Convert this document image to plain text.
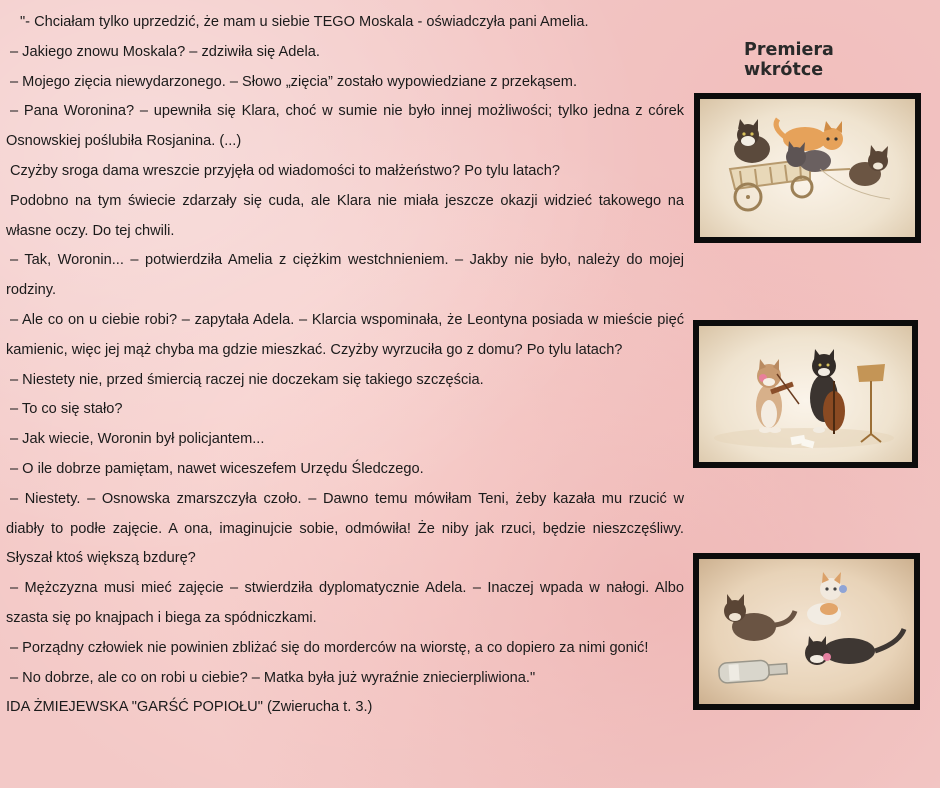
"- Chciałam tylko uprzedzić, że mam u siebie TEGO Moskala - oświadczyła pani Amelia.

– Jakiego znowu Moskala? – zdziwiła się Adela.

– Mojego zięcia niewydarzonego. – Słowo „zięcia” zostało wypowiedziane z przekąsem.

– Pana Woronina? – upewniła się Klara, choć w sumie nie było innej możliwości; tylko jedna z córek Osnowskiej poślubiła Rosjanina. (...)

Czyżby sroga dama wreszcie przyjęła od wiadomości to małżeństwo? Po tylu latach?

Podobno na tym świecie zdarzały się cuda, ale Klara nie miała jeszcze okazji widzieć takowego na własne oczy. Do tej chwili.

– Tak, Woronin... – potwierdziła Amelia z ciężkim westchnieniem. – Jakby nie było, należy do mojej rodziny.

– Ale co on u ciebie robi? – zapytała Adela. – Klarcia wspominała, że Leontyna posiada w mieście pięć kamienic, więc jej mąż chyba ma gdzie mieszkać. Czyżby wyrzuciła go z domu? Po tylu latach?

– Niestety nie, przed śmiercią raczej nie doczekam się takiego szczęścia.

– To co się stało?

– Jak wiecie, Woronin był policjantem...

– O ile dobrze pamiętam, nawet wiceszefem Urzędu Śledczego.

– Niestety. – Osnowska zmarszczyła czoło. – Dawno temu mówiłam Teni, żeby kazała mu rzucić w diabły to podłe zajęcie. A ona, imaginujcie sobie, odmówiła! Że niby jak rzuci, będzie nieszczęśliwy. Słyszał ktoś większą bzdurę?

– Mężczyzna musi mieć zajęcie – stwierdziła dyplomatycznie Adela. – Inaczej wpada w nałogi. Albo szasta się po knajpach i biega za spódniczkami.

– Porządny człowiek nie powinien zbliżać się do morderców na wiorstę, a co dopiero za nimi gonić!

– No dobrze, ale co on robi u ciebie? – Matka była już wyraźnie zniecierpliwiona."

IDA ŻMIEJEWSKA "GARŚĆ POPIOŁU" (Zwierucha t. 3.)

Premiera wkrótce
